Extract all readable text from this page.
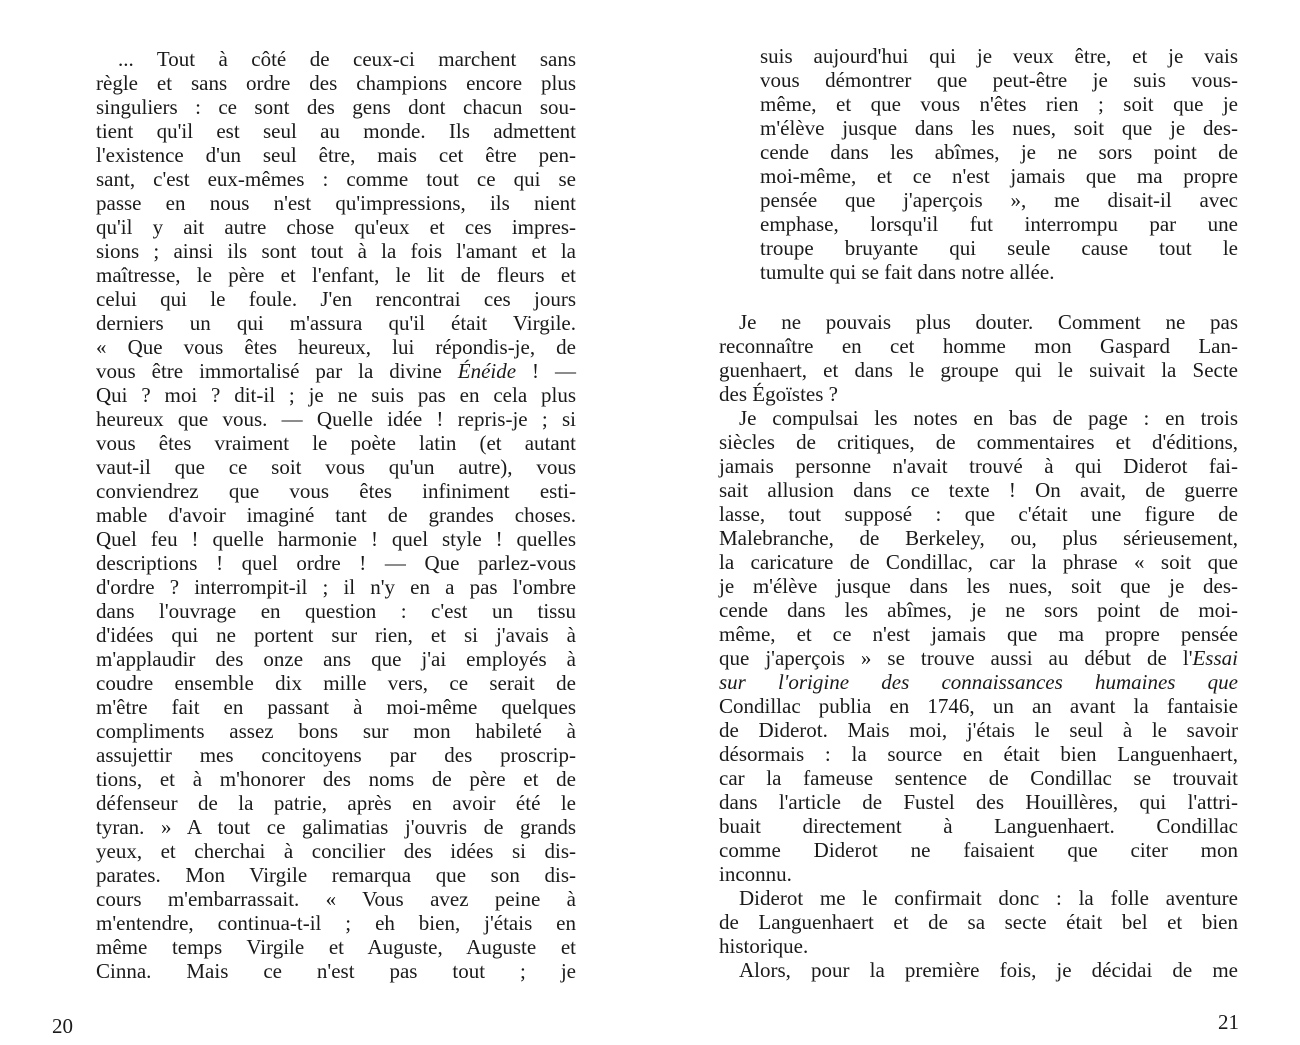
... Tout à côté de ceux-ci marchent sans
règle et sans ordre des champions encore plus
singuliers : ce sont des gens dont chacun sou-
tient qu'il est seul au monde. Ils admettent
l'existence d'un seul être, mais cet être pen-
sant, c'est eux-mêmes : comme tout ce qui se
passe en nous n'est qu'impressions, ils nient
qu'il y ait autre chose qu'eux et ces impres-
sions ; ainsi ils sont tout à la fois l'amant et la
maîtresse, le père et l'enfant, le lit de fleurs et
celui qui le foule. J'en rencontrai ces jours
derniers un qui m'assura qu'il était Virgile.
« Que vous êtes heureux, lui répondis-je, de
vous être immortalisé par la divine Énéide ! —
Qui ? moi ? dit-il ; je ne suis pas en cela plus
heureux que vous. — Quelle idée ! repris-je ; si
vous êtes vraiment le poète latin (et autant
vaut-il que ce soit vous qu'un autre), vous
conviendrez que vous êtes infiniment esti-
mable d'avoir imaginé tant de grandes choses.
Quel feu ! quelle harmonie ! quel style ! quelles
descriptions ! quel ordre ! — Que parlez-vous
d'ordre ? interrompit-il ; il n'y en a pas l'ombre
dans l'ouvrage en question : c'est un tissu
d'idées qui ne portent sur rien, et si j'avais à
m'applaudir des onze ans que j'ai employés à
coudre ensemble dix mille vers, ce serait de
m'être fait en passant à moi-même quelques
compliments assez bons sur mon habileté à
assujettir mes concitoyens par des proscrip-
tions, et à m'honorer des noms de père et de
défenseur de la patrie, après en avoir été le
tyran. » A tout ce galimatias j'ouvris de grands
yeux, et cherchai à concilier des idées si dis-
parates. Mon Virgile remarqua que son dis-
cours m'embarrassait. « Vous avez peine à
m'entendre, continua-t-il ; eh bien, j'étais en
même temps Virgile et Auguste, Auguste et
Cinna. Mais ce n'est pas tout ; je
20
suis aujourd'hui qui je veux être, et je vais
vous démontrer que peut-être je suis vous-
même, et que vous n'êtes rien ; soit que je
m'élève jusque dans les nues, soit que je des-
cende dans les abîmes, je ne sors point de
moi-même, et ce n'est jamais que ma propre
pensée que j'aperçois », me disait-il avec
emphase, lorsqu'il fut interrompu par une
troupe bruyante qui seule cause tout le
tumulte qui se fait dans notre allée.
Je ne pouvais plus douter. Comment ne pas
reconnaître en cet homme mon Gaspard Lan-
guenhaert, et dans le groupe qui le suivait la Secte
des Égoïstes ?
Je compulsai les notes en bas de page : en trois
siècles de critiques, de commentaires et d'éditions,
jamais personne n'avait trouvé à qui Diderot fai-
sait allusion dans ce texte ! On avait, de guerre
lasse, tout supposé : que c'était une figure de
Malebranche, de Berkeley, ou, plus sérieusement,
la caricature de Condillac, car la phrase « soit que
je m'élève jusque dans les nues, soit que je des-
cende dans les abîmes, je ne sors point de moi-
même, et ce n'est jamais que ma propre pensée
que j'aperçois » se trouve aussi au début de l'Essai
sur l'origine des connaissances humaines que
Condillac publia en 1746, un an avant la fantaisie
de Diderot. Mais moi, j'étais le seul à le savoir
désormais : la source en était bien Languenhaert,
car la fameuse sentence de Condillac se trouvait
dans l'article de Fustel des Houillères, qui l'attri-
buait directement à Languenhaert. Condillac
comme Diderot ne faisaient que citer mon
inconnu.
Diderot me le confirmait donc : la folle aventure
de Languenhaert et de sa secte était bel et bien
historique.
Alors, pour la première fois, je décidai de me
21
